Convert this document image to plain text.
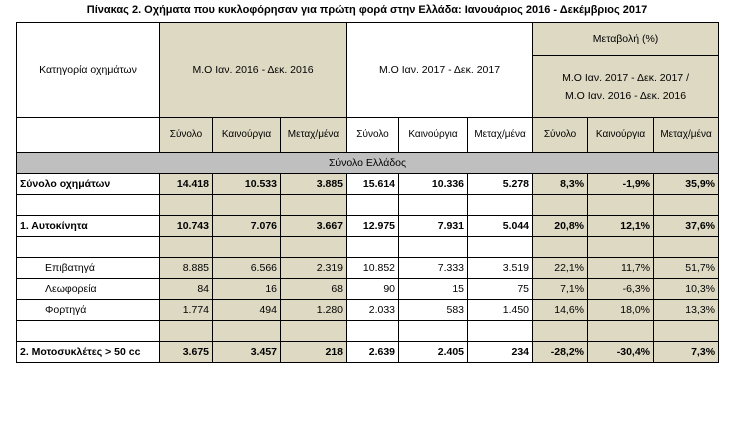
Πίνακας 2. Οχήματα που κυκλοφόρησαν για πρώτη φορά στην Ελλάδα: Ιανουάριος 2016 - Δεκέμβριος 2017
Κατηγορία οχημάτων	Μ.Ο Ιαν. 2016 - Δεκ. 2016			Μ.Ο Ιαν. 2017 - Δεκ. 2017			Μεταβολή (%)		

							Μ.Ο Ιαν. 2017 - Δεκ. 2017 /
Μ.Ο Ιαν. 2016 - Δεκ. 2016		

	Σύνολο	Καινούργια	Μεταχ/μένα	Σύνολο	Καινούργια	Μεταχ/μένα	Σύνολο	Καινούργια	Μεταχ/μένα
Σύνολο Ελλάδος									
Σύνολο οχημάτων	14.418	10.533	3.885	15.614	10.336	5.278	8,3%	-1,9%	35,9%

1. Αυτοκίνητα	10.743	7.076	3.667	12.975	7.931	5.044	20,8%	12,1%	37,6%

Επιβατηγά	8.885	6.566	2.319	10.852	7.333	3.519	22,1%	11,7%	51,7%
Λεωφορεία	84	16	68	90	15	75	7,1%	-6,3%	10,3%
Φορτηγά	1.774	494	1.280	2.033	583	1.450	14,6%	18,0%	13,3%

2. Μοτοσυκλέτες > 50 cc	3.675	3.457	218	2.639	2.405	234	-28,2%	-30,4%	7,3%
